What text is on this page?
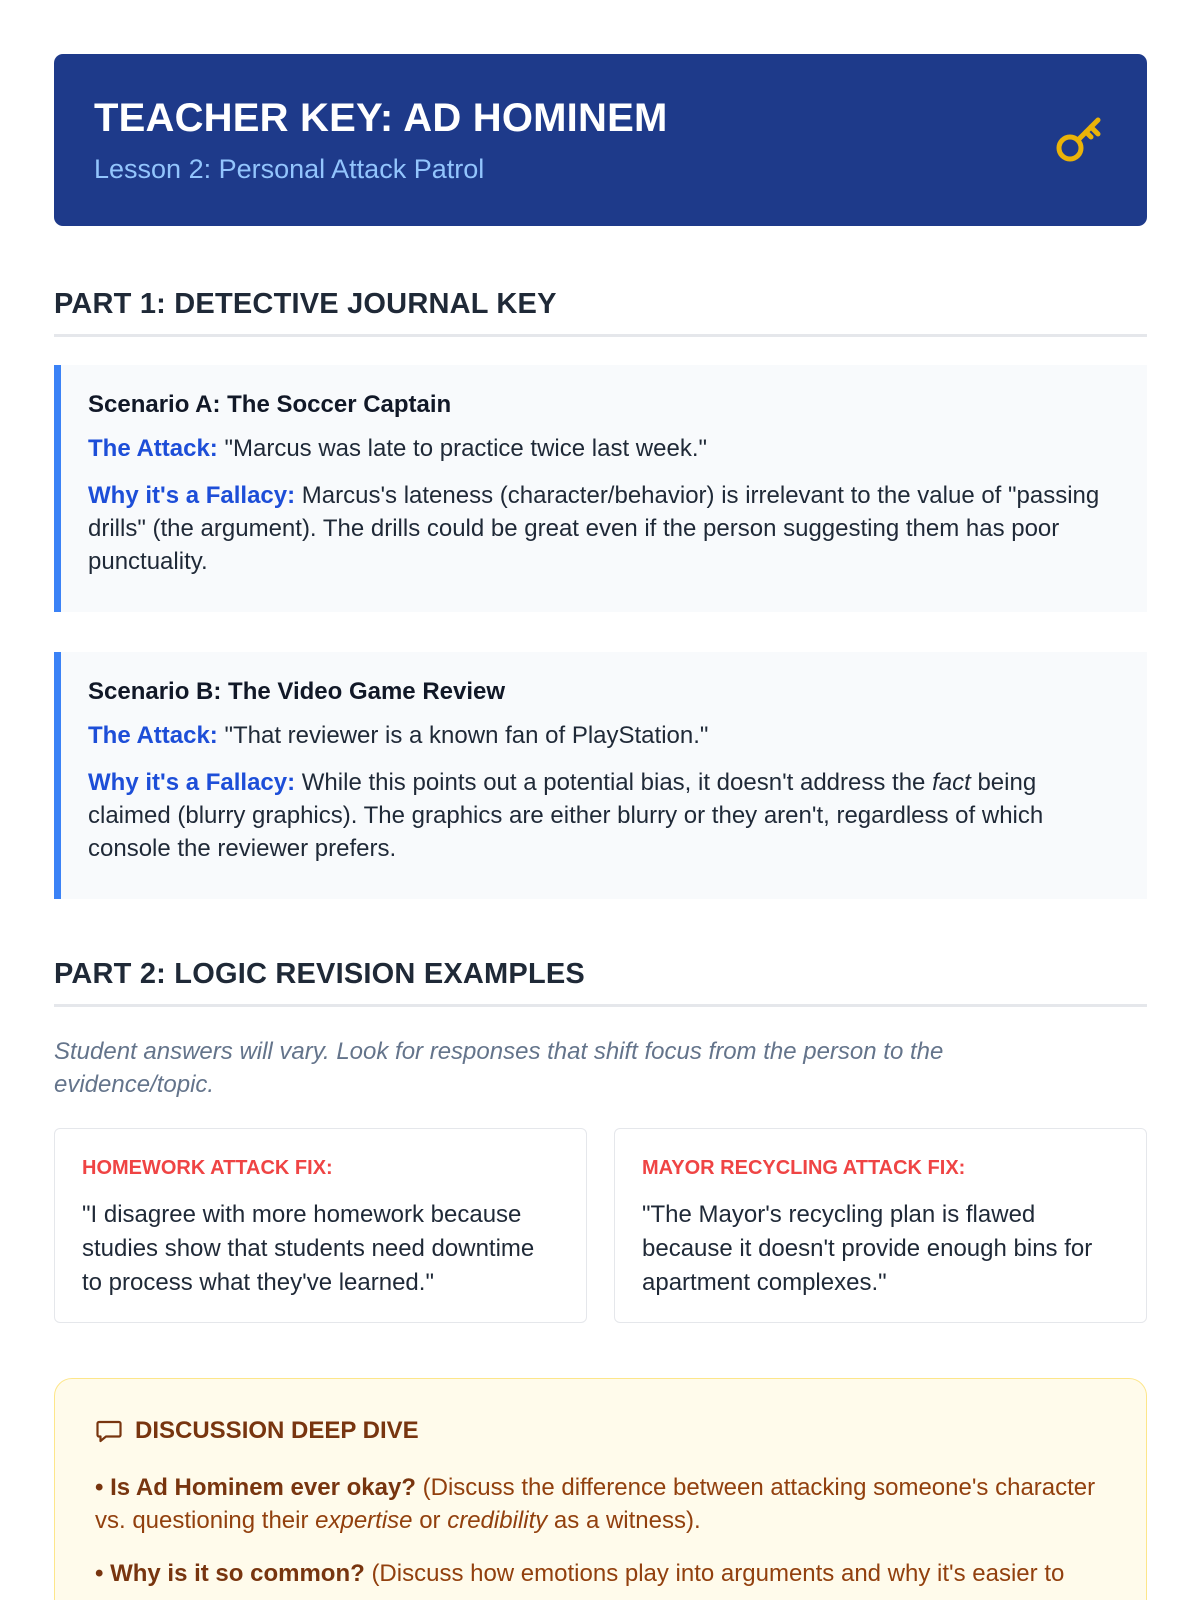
TEACHER KEY: AD HOMINEM
Lesson 2: Personal Attack Patrol
PART 1: DETECTIVE JOURNAL KEY
Scenario A: The Soccer Captain
The Attack: "Marcus was late to practice twice last week."
Why it's a Fallacy: Marcus's lateness (character/behavior) is irrelevant to the value of "passing drills" (the argument). The drills could be great even if the person suggesting them has poor punctuality.
Scenario B: The Video Game Review
The Attack: "That reviewer is a known fan of PlayStation."
Why it's a Fallacy: While this points out a potential bias, it doesn't address the fact being claimed (blurry graphics). The graphics are either blurry or they aren't, regardless of which console the reviewer prefers.
PART 2: LOGIC REVISION EXAMPLES
Student answers will vary. Look for responses that shift focus from the person to the evidence/topic.
HOMEWORK ATTACK FIX:
"I disagree with more homework because studies show that students need downtime to process what they've learned."
MAYOR RECYCLING ATTACK FIX:
"The Mayor's recycling plan is flawed because it doesn't provide enough bins for apartment complexes."
DISCUSSION DEEP DIVE
• Is Ad Hominem ever okay? (Discuss the difference between attacking someone's character vs. questioning their expertise or credibility as a witness).
• Why is it so common? (Discuss how emotions play into arguments and why it's easier to
